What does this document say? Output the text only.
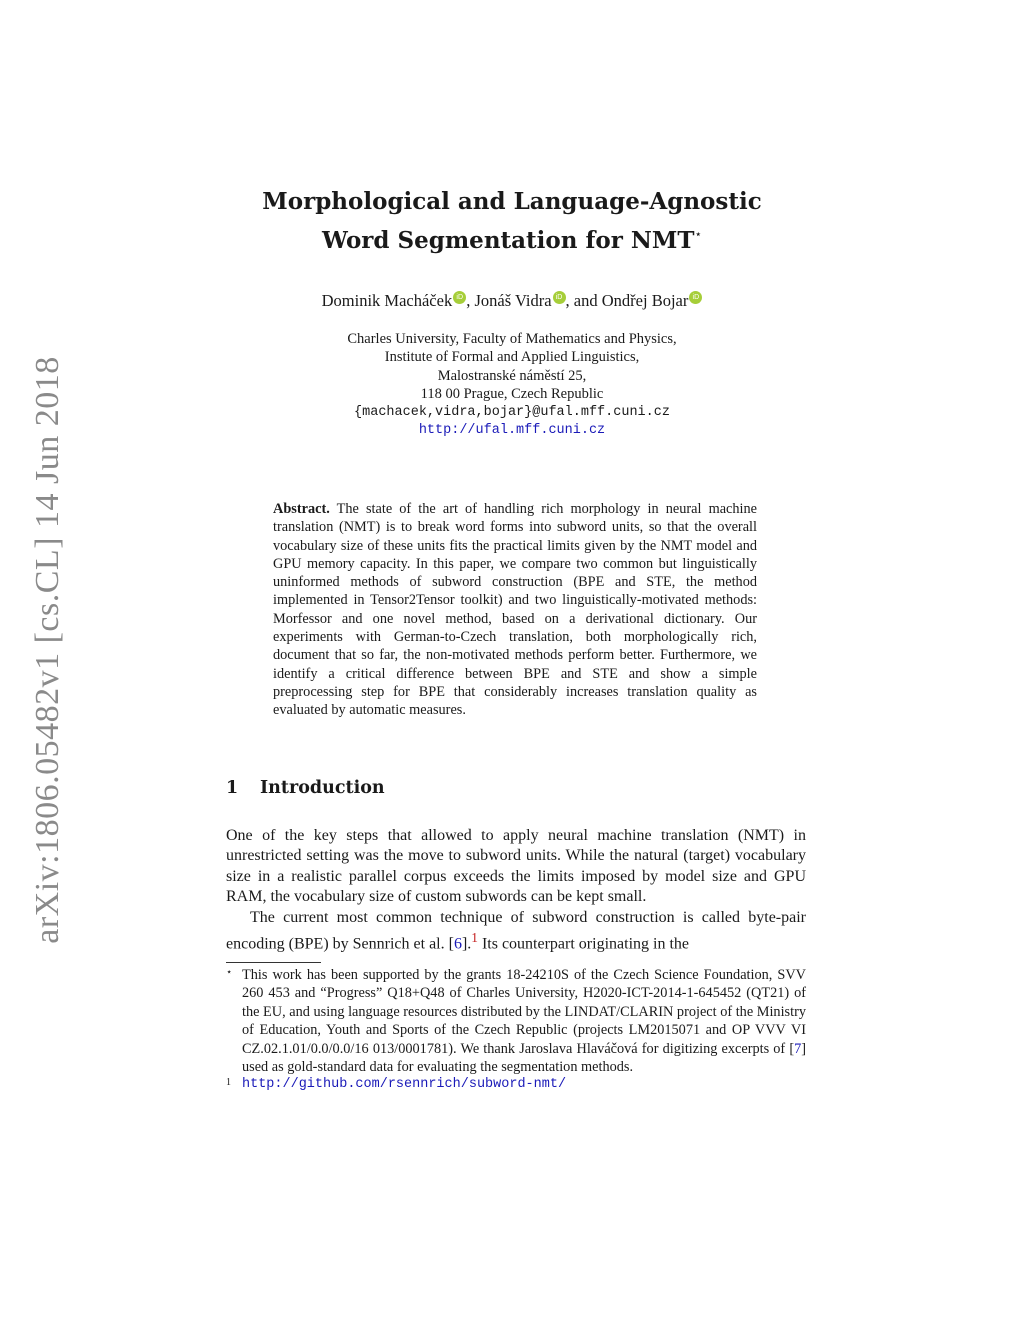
arXiv:1806.05482v1 [cs.CL] 14 Jun 2018
Morphological and Language-Agnostic
Word Segmentation for NMT⋆
Dominik Macháček iD , Jonáš Vidra iD , and Ondřej Bojar iD
Charles University, Faculty of Mathematics and Physics,
Institute of Formal and Applied Linguistics,
Malostranské náměstí 25,
118 00 Prague, Czech Republic
{machacek,vidra,bojar}@ufal.mff.cuni.cz
http://ufal.mff.cuni.cz

Abstract. The state of the art of handling rich morphology in neural machine translation (NMT) is to break word forms into subword units, so that the overall vocabulary size of these units fits the practical limits given by the NMT model and GPU memory capacity. In this paper, we compare two common but linguistically uninformed methods of subword construction (BPE and STE, the method implemented in Tensor2Tensor toolkit) and two linguistically-motivated methods: Morfessor and one novel method, based on a derivational dictionary. Our experiments with German-to-Czech translation, both morphologically rich, document that so far, the non-motivated methods perform better. Furthermore, we identify a critical difference between BPE and STE and show a simple preprocessing step for BPE that considerably increases translation quality as evaluated by automatic measures.

1 Introduction

One of the key steps that allowed to apply neural machine translation (NMT) in unrestricted setting was the move to subword units. While the natural (target) vocabulary size in a realistic parallel corpus exceeds the limits imposed by model size and GPU RAM, the vocabulary size of custom subwords can be kept small.

The current most common technique of subword construction is called byte-pair encoding (BPE) by Sennrich et al. [6].$^1$ Its counterpart originating in the

⋆ This work has been supported by the grants 18-24210S of the Czech Science Foundation, SVV 260 453 and “Progress” Q18+Q48 of Charles University, H2020-ICT-2014-1-645452 (QT21) of the EU, and using language resources distributed by the LINDAT/CLARIN project of the Ministry of Education, Youth and Sports of the Czech Republic (projects LM2015071 and OP VVV VI CZ.02.1.01/0.0/0.0/16 013/0001781). We thank Jaroslava Hlaváčová for digitizing excerpts of [7] used as gold-standard data for evaluating the segmentation methods.
1 http://github.com/rsennrich/subword-nmt/
